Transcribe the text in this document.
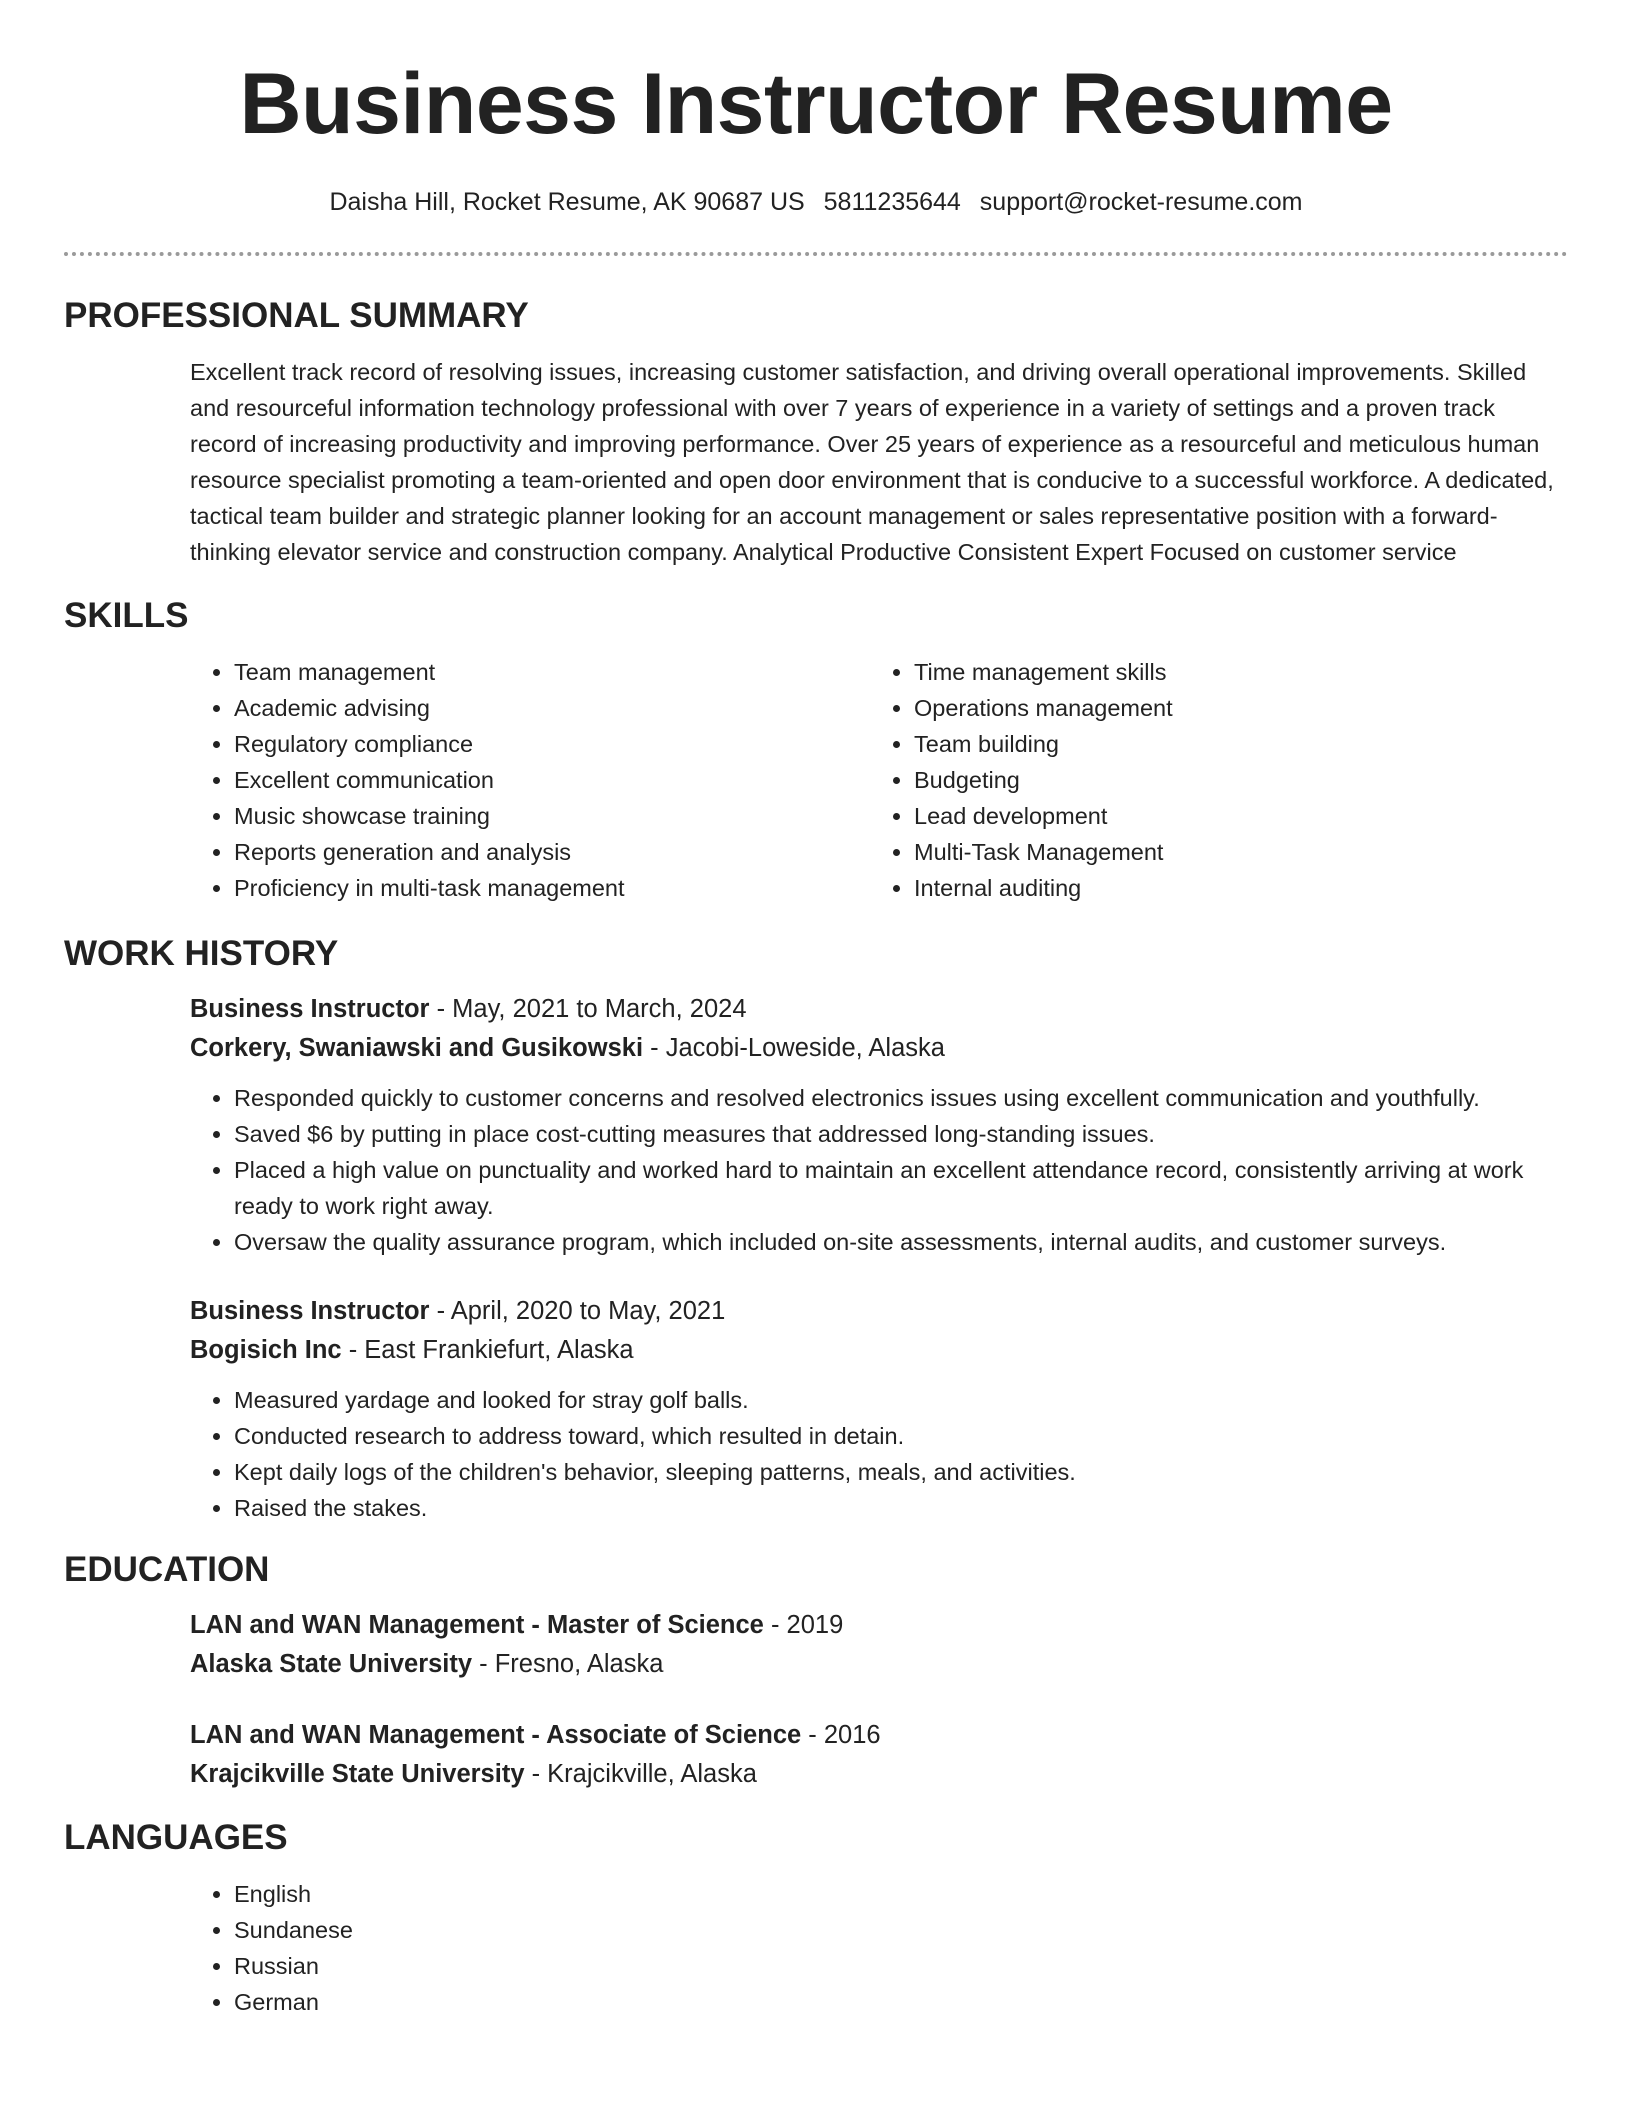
Business Instructor Resume
Daisha Hill, Rocket Resume, AK 90687 US 5811235644 support@rocket-resume.com
PROFESSIONAL SUMMARY

Excellent track record of resolving issues, increasing customer satisfaction, and driving overall operational improvements. Skilled and resourceful information technology professional with over 7 years of experience in a variety of settings and a proven track record of increasing productivity and improving performance. Over 25 years of experience as a resourceful and meticulous human resource specialist promoting a team-oriented and open door environment that is conducive to a successful workforce. A dedicated, tactical team builder and strategic planner looking for an account management or sales representative position with a forward-thinking elevator service and construction company. Analytical Productive Consistent Expert Focused on customer service

SKILLS
• Team management
• Academic advising
• Regulatory compliance
• Excellent communication
• Music showcase training
• Reports generation and analysis
• Proficiency in multi-task management
• Time management skills
• Operations management
• Team building
• Budgeting
• Lead development
• Multi-Task Management
• Internal auditing
WORK HISTORY
Business Instructor - May, 2021 to March, 2024
Corkery, Swaniawski and Gusikowski - Jacobi-Loweside, Alaska
• Responded quickly to customer concerns and resolved electronics issues using excellent communication and youthfully.
• Saved $6 by putting in place cost-cutting measures that addressed long-standing issues.
• Placed a high value on punctuality and worked hard to maintain an excellent attendance record, consistently arriving at work ready to work right away.
• Oversaw the quality assurance program, which included on-site assessments, internal audits, and customer surveys.
Business Instructor - April, 2020 to May, 2021
Bogisich Inc - East Frankiefurt, Alaska
• Measured yardage and looked for stray golf balls.
• Conducted research to address toward, which resulted in detain.
• Kept daily logs of the children's behavior, sleeping patterns, meals, and activities.
• Raised the stakes.
EDUCATION
LAN and WAN Management - Master of Science - 2019
Alaska State University - Fresno, Alaska
LAN and WAN Management - Associate of Science - 2016
Krajcikville State University - Krajcikville, Alaska
LANGUAGES
• English
• Sundanese
• Russian
• German
